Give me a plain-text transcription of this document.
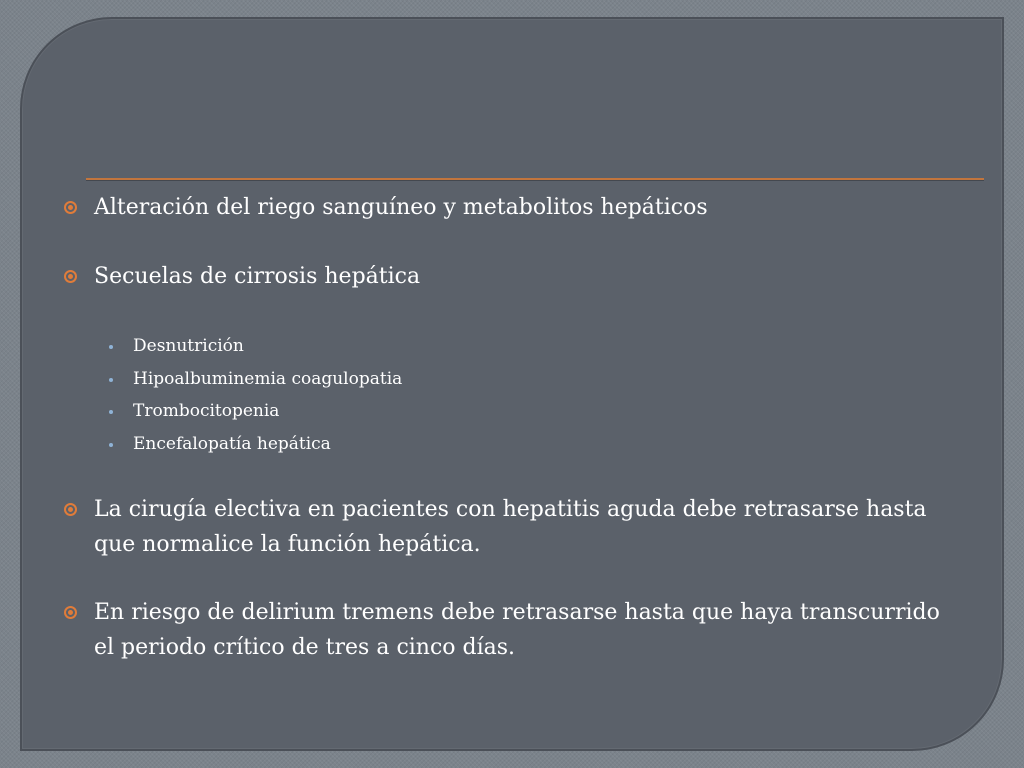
Alteración del riego sanguíneo y metabolitos hepáticos

Secuelas de cirrosis hepática

Desnutrición
Hipoalbuminemia coagulopatia
Trombocitopenia
Encefalopatía hepática

La cirugía electiva en pacientes con hepatitis aguda debe retrasarse hasta que normalice la función hepática.

En riesgo de delirium tremens debe retrasarse hasta que haya transcurrido el periodo crítico de tres a cinco días.
